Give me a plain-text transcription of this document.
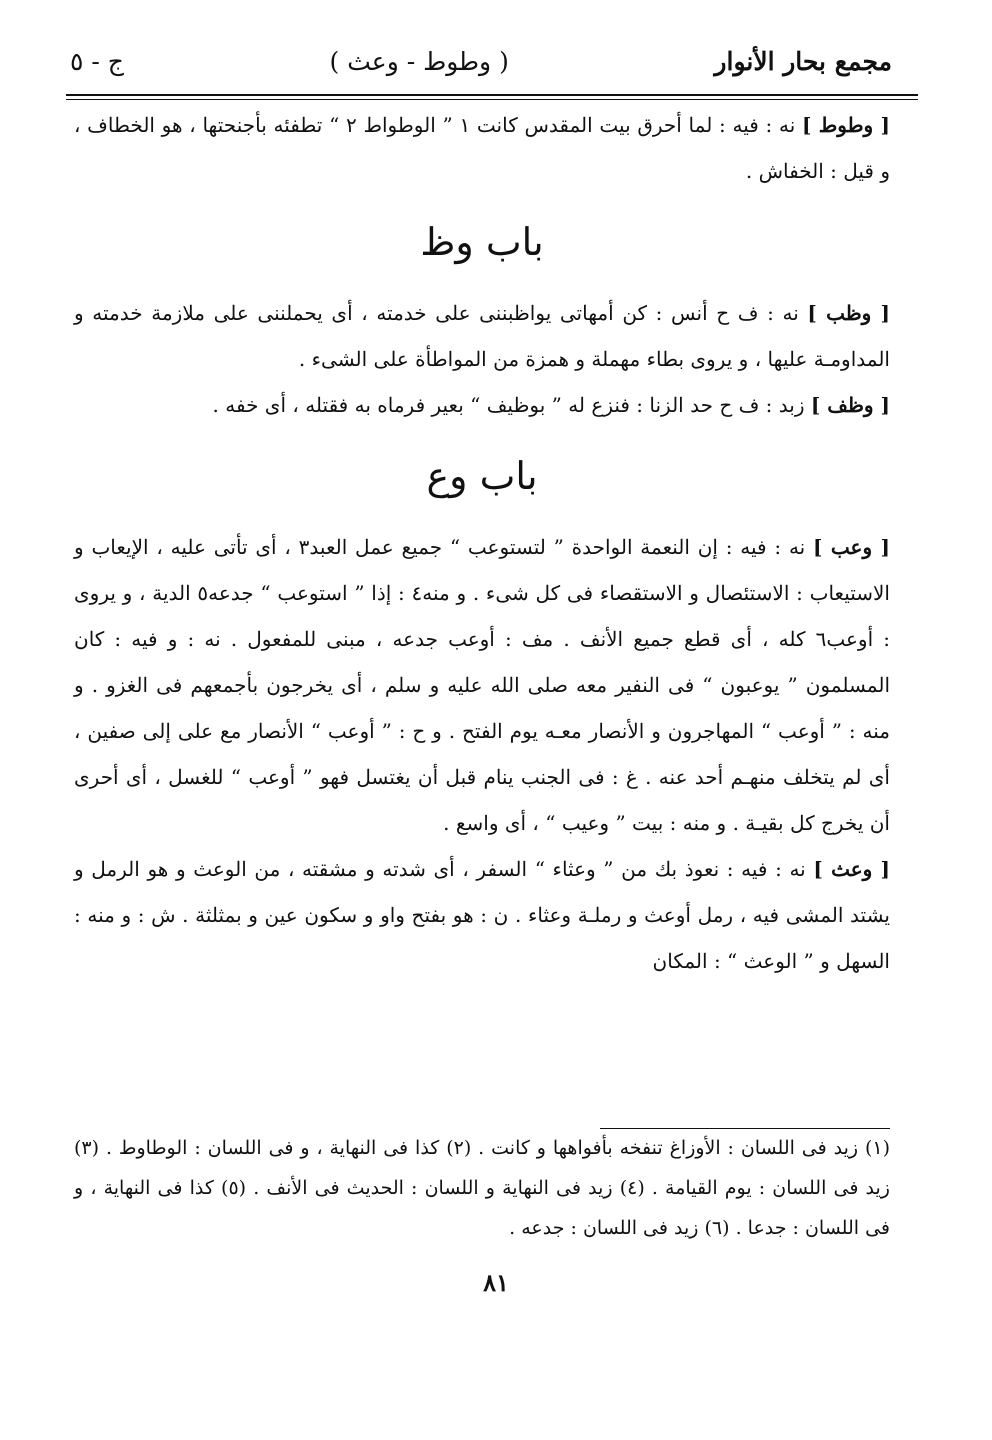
مجمع بحار الأنوار
( وطوط - وعث )
ج - ٥

[ وطوط ] نه : فيه : لما أحرق بيت المقدس كانت ١ ” الوطواط ٢ “ تطفئه بأجنحتها ، هو الخطاف ، و قيل : الخفاش .

باب وظ

[ وظب ] نه : ف ح أنس : كن أمهاتى يواظبننى على خدمته ، أى يحملننى على ملازمة خدمته و المداومـة عليها ، و يروى بطاء مهملة و همزة من المواطأة على الشىء .

[ وظف ] زبد : ف ح حد الزنا : فنزع له ” بوظيف “ بعير فرماه به فقتله ، أى خفه .

باب وع

[ وعب ] نه : فيه : إن النعمة الواحدة ” لتستوعب “ جميع عمل العبد٣ ، أى تأتى عليه ، الإيعاب و الاستيعاب : الاستئصال و الاستقصاء فى كل شىء . و منه٤ : إذا ” استوعب “ جدعه٥ الدية ، و يروى : أوعب٦ كله ، أى قطع جميع الأنف . مف : أوعب جدعه ، مبنى للمفعول . نه : و فيه : كان المسلمون ” يوعبون “ فى النفير معه صلى الله عليه و سلم ، أى يخرجون بأجمعهم فى الغزو . و منه : ” أوعب “ المهاجرون و الأنصار معـه يوم الفتح . و ح : ” أوعب “ الأنصار مع على إلى صفين ، أى لم يتخلف منهـم أحد عنه . غ : فى الجنب ينام قبل أن يغتسل فهو ” أوعب “ للغسل ، أى أحرى أن يخرج كل بقيـة . و منه : بيت ” وعيب “ ، أى واسع .

[ وعث ] نه : فيه : نعوذ بك من ” وعثاء “ السفر ، أى شدته و مشقته ، من الوعث و هو الرمل و يشتد المشى فيه ، رمل أوعث و رملـة وعثاء . ن : هو بفتح واو و سكون عين و بمثلثة . ش : و منه : السهل و ” الوعث “ : المكان

(١) زيد فى اللسان : الأوزاغ تنفخه بأفواهها و كانت . (٢) كذا فى النهاية ، و فى اللسان : الوطاوط . (٣) زيد فى اللسان : يوم القيامة . (٤) زيد فى النهاية و اللسان : الحديث فى الأنف . (٥) كذا فى النهاية ، و فى اللسان : جدعا . (٦) زيد فى اللسان : جدعه .

٨١
